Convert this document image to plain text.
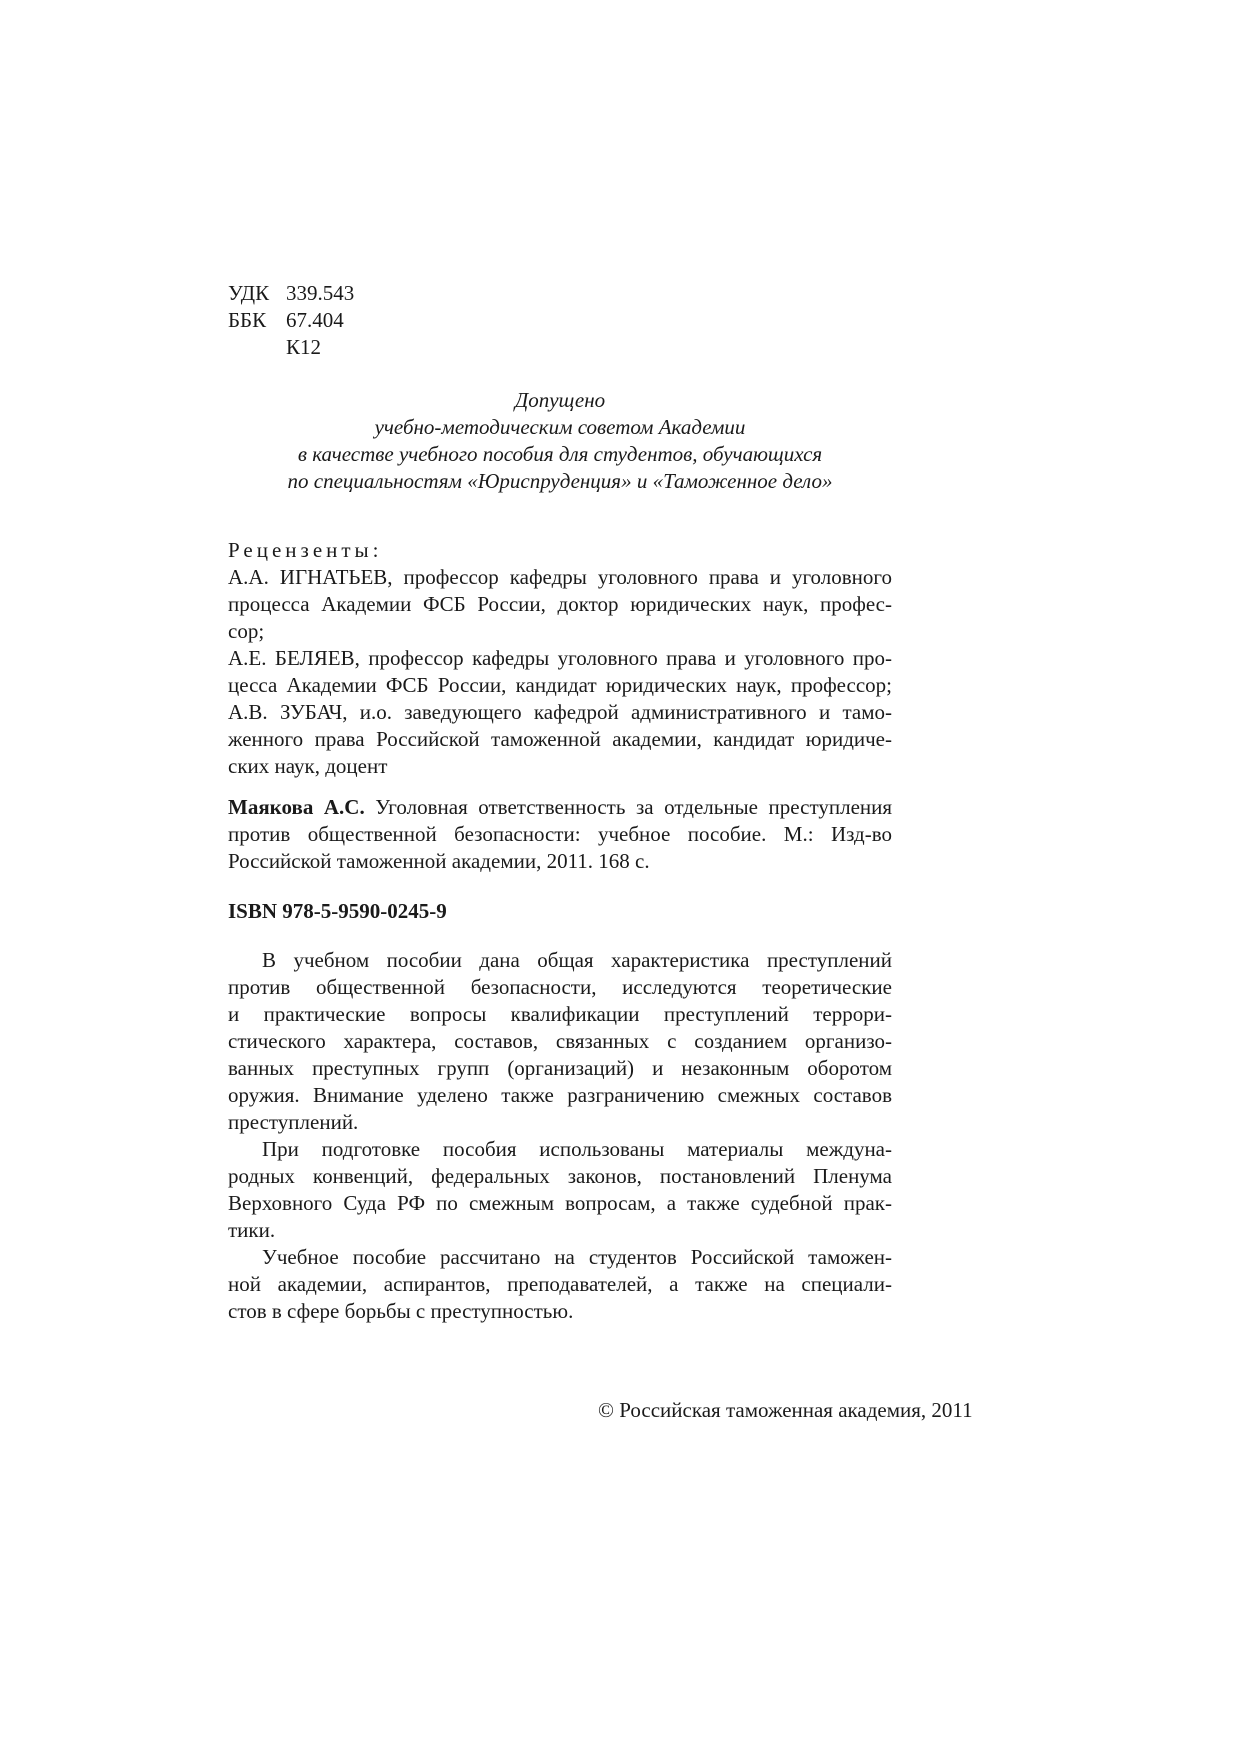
УДК 339.543
ББК 67.404
К12
Допущено
учебно-методическим советом Академии
в качестве учебного пособия для студентов, обучающихся
по специальностям «Юриспруденция» и «Таможенное дело»
Рецензенты:
А.А. ИГНАТЬЕВ, профессор кафедры уголовного права и уголовного
процесса Академии ФСБ России, доктор юридических наук, профес-
сор;
А.Е. БЕЛЯЕВ, профессор кафедры уголовного права и уголовного про-
цесса Академии ФСБ России, кандидат юридических наук, профессор;
А.В. ЗУБАЧ, и.о. заведующего кафедрой административного и тамо-
женного права Российской таможенной академии, кандидат юридиче-
ских наук, доцент
Маякова А.С. Уголовная ответственность за отдельные преступления
против общественной безопасности: учебное пособие. М.: Изд-во
Российской таможенной академии, 2011. 168 с.
ISBN 978-5-9590-0245-9
В учебном пособии дана общая характеристика преступлений
против общественной безопасности, исследуются теоретические
и практические вопросы квалификации преступлений террори-
стического характера, составов, связанных с созданием организо-
ванных преступных групп (организаций) и незаконным оборотом
оружия. Внимание уделено также разграничению смежных составов
преступлений.
При подготовке пособия использованы материалы междуна-
родных конвенций, федеральных законов, постановлений Пленума
Верховного Суда РФ по смежным вопросам, а также судебной прак-
тики.
Учебное пособие рассчитано на студентов Российской таможен-
ной академии, аспирантов, преподавателей, а также на специали-
стов в сфере борьбы с преступностью.
© Российская таможенная академия, 2011
